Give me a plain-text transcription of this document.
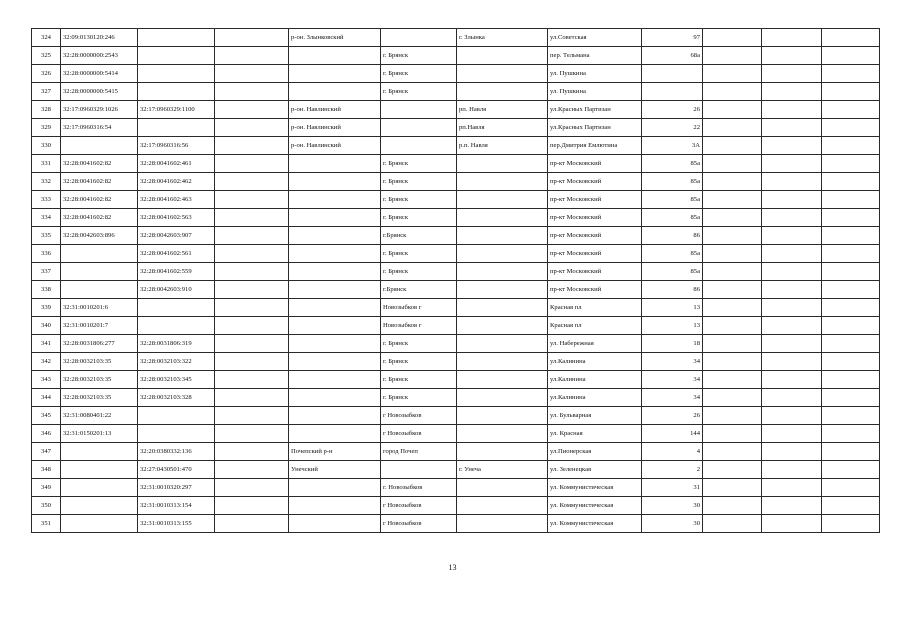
324	32:09:0130120:246			р-он. Злынковский		г. Злынка	ул.Советская	97			
325	32:28:0000000:2543				г. Брянск		пер. Тельмана	68а			
326	32:28:0000000:5414				г. Брянск		ул. Пушкина				
327	32:28:0000000:5415				г. Брянск		ул. Пушкина				
328	32:17:0960329:1026	32:17:0960329:1100		р-он. Навлинский		рп. Навля	ул.Красных Партизан	26			
329	32:17:0960316:54			р-он. Навлинский		рп.Навля	ул.Красных Партизан	22			
330		32:17:0960316:56		р-он. Навлинский		р.п. Навля	пер.Дмитрия Емлютина	3А			
331	32:28:0041602:82	32:28:0041602:461			г. Брянск		пр-кт Московский	85а			
332	32:28:0041602:82	32:28:0041602:462			г. Брянск		пр-кт Московский	85а			
333	32:28:0041602:82	32:28:0041602:463			г. Брянск		пр-кт Московский	85а			
334	32:28:0041602:82	32:28:0041602:563			г. Брянск		пр-кт Московский	85а			
335	32:28:0042603:896	32:28:0042603:907			г.Брянск		пр-кт Московский	86			
336		32:28:0041602:561			г. Брянск		пр-кт Московский	85а			
337		32:28:0041602:559			г. Брянск		пр-кт Московский	85а			
338		32:28:0042603:910			г.Брянск		пр-кт Московский	86			
339	32:31:0010201:6				Новозыбков г		Красная пл	13			
340	32:31:0010201:7				Новозыбков г		Красная пл	13			
341	32:28:0031806:277	32:28:0031806:319			г. Брянск		ул. Набережная	18			
342	32:28:0032103:35	32:28:0032103:322			г. Брянск		ул.Калинина	34			
343	32:28:0032103:35	32:28:0032103:345			г. Брянск		ул.Калинина	34			
344	32:28:0032103:35	32:28:0032103:328			г. Брянск		ул.Калинина	34			
345	32:31:0080401:22				г Новозыбков		ул. Бульварная	26			
346	32:31:0150201:13				г Новозыбков		ул. Красная	144			
347		32:20:0380332:136		Почепский р-н	город Почеп		ул.Пионерская	4			
348		32:27:0430501:470		Унечский		г. Унеча	ул. Зеленецкая	2			
349		32:31:0010320:297			г. Новозыбков		ул. Коммунистическая	31			
350		32:31:0010313:154			г Новозыбков		ул. Коммунистическая	30			
351		32:31:0010313:155			г Новозыбков		ул. Коммунистическая	30			
13
